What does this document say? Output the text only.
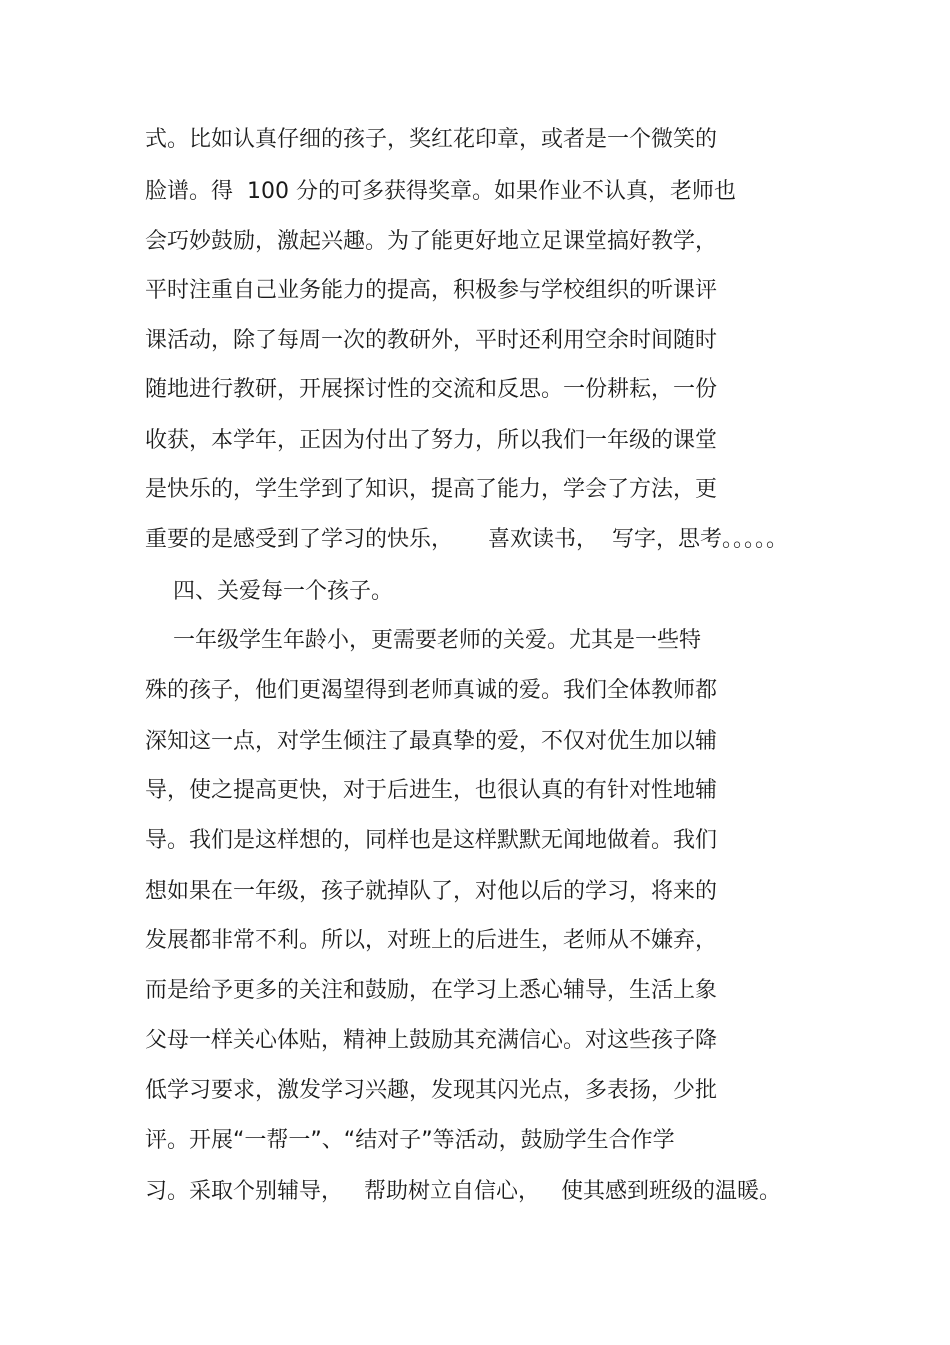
式。比如认真仔细的孩子，奖红花印章，或者是一个微笑的

脸谱。得  100 分的可多获得奖章。如果作业不认真，老师也

会巧妙鼓励，激起兴趣。为了能更好地立足课堂搞好教学，

平时注重自己业务能力的提高，积极参与学校组织的听课评

课活动，除了每周一次的教研外，平时还利用空余时间随时

随地进行教研，开展探讨性的交流和反思。一份耕耘，一份

收获，本学年，正因为付出了努力，所以我们一年级的课堂

是快乐的，学生学到了知识，提高了能力，学会了方法，更

重要的是感受到了学习的快乐，     喜欢读书，  写字，思考。。。。。

四、关爱每一个孩子。

一年级学生年龄小，更需要老师的关爱。尤其是一些特

殊的孩子，他们更渴望得到老师真诚的爱。我们全体教师都

深知这一点，对学生倾注了最真挚的爱，不仅对优生加以辅

导，使之提高更快，对于后进生，也很认真的有针对性地辅

导。我们是这样想的，同样也是这样默默无闻地做着。我们

想如果在一年级，孩子就掉队了，对他以后的学习，将来的

发展都非常不利。所以，对班上的后进生，老师从不嫌弃，

而是给予更多的关注和鼓励，在学习上悉心辅导，生活上象

父母一样关心体贴，精神上鼓励其充满信心。对这些孩子降

低学习要求，激发学习兴趣，发现其闪光点，多表扬，少批

评。开展“一帮一”、“结对子”等活动，鼓励学生合作学

习。采取个别辅导，   帮助树立自信心，   使其感到班级的温暖。
